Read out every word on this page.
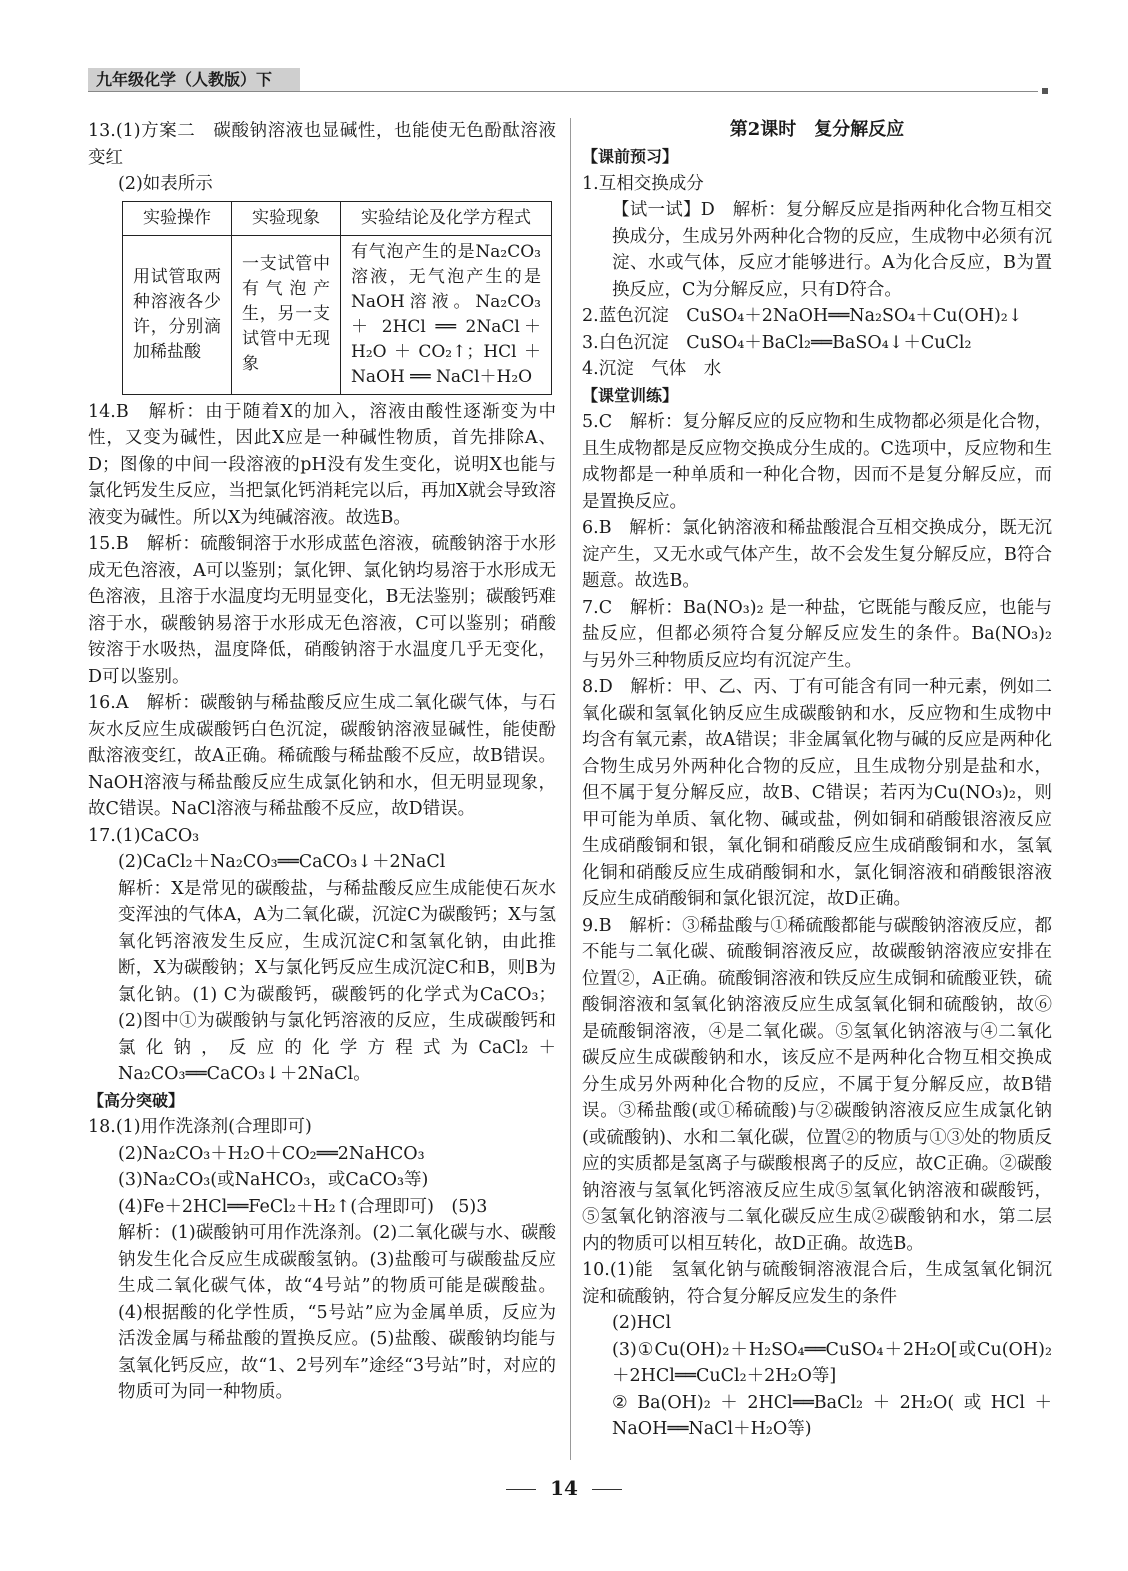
九年级化学（人教版）下

13.(1)方案二　碳酸钠溶液也显碱性，也能使无色酚酞溶液变红

(2)如表所示

实验操作	实验现象	实验结论及化学方程式
用试管取两种溶液各少许，分别滴加稀盐酸	一支试管中有气泡产生，另一支试管中无现象	有气泡产生的是Na₂CO₃ 溶液，无气泡产生的是NaOH溶液。Na₂CO₃ ＋ 2HCl ══ 2NaCl＋H₂O＋CO₂↑；HCl＋NaOH ══ NaCl＋H₂O

14.B　解析：由于随着X的加入，溶液由酸性逐渐变为中性，又变为碱性，因此X应是一种碱性物质，首先排除A、D；图像的中间一段溶液的pH没有发生变化，说明X也能与氯化钙发生反应，当把氯化钙消耗完以后，再加X就会导致溶液变为碱性。所以X为纯碱溶液。故选B。

15.B　解析：硫酸铜溶于水形成蓝色溶液，硫酸钠溶于水形成无色溶液，A可以鉴别；氯化钾、氯化钠均易溶于水形成无色溶液，且溶于水温度均无明显变化，B无法鉴别；碳酸钙难溶于水，碳酸钠易溶于水形成无色溶液，C可以鉴别；硝酸铵溶于水吸热，温度降低，硝酸钠溶于水温度几乎无变化，D可以鉴别。

16.A　解析：碳酸钠与稀盐酸反应生成二氧化碳气体，与石灰水反应生成碳酸钙白色沉淀，碳酸钠溶液显碱性，能使酚酞溶液变红，故A正确。稀硫酸与稀盐酸不反应，故B错误。NaOH溶液与稀盐酸反应生成氯化钠和水，但无明显现象，故C错误。NaCl溶液与稀盐酸不反应，故D错误。

17.(1)CaCO₃

(2)CaCl₂＋Na₂CO₃══CaCO₃↓＋2NaCl

解析：X是常见的碳酸盐，与稀盐酸反应生成能使石灰水变浑浊的气体A，A为二氧化碳，沉淀C为碳酸钙；X与氢氧化钙溶液发生反应，生成沉淀C和氢氧化钠，由此推断，X为碳酸钠；X与氯化钙反应生成沉淀C和B，则B为氯化钠。(1) C为碳酸钙，碳酸钙的化学式为CaCO₃；(2)图中①为碳酸钠与氯化钙溶液的反应，生成碳酸钙和氯化钠，反应的化学方程式为CaCl₂＋Na₂CO₃══CaCO₃↓＋2NaCl。

【高分突破】

18.(1)用作洗涤剂(合理即可)

(2)Na₂CO₃＋H₂O＋CO₂══2NaHCO₃

(3)Na₂CO₃(或NaHCO₃，或CaCO₃等)

(4)Fe＋2HCl══FeCl₂＋H₂↑(合理即可)　(5)3

解析：(1)碳酸钠可用作洗涤剂。(2)二氧化碳与水、碳酸钠发生化合反应生成碳酸氢钠。(3)盐酸可与碳酸盐反应生成二氧化碳气体，故“4号站”的物质可能是碳酸盐。(4)根据酸的化学性质，“5号站”应为金属单质，反应为活泼金属与稀盐酸的置换反应。(5)盐酸、碳酸钠均能与氢氧化钙反应，故“1、2号列车”途经“3号站”时，对应的物质可为同一种物质。

第2课时　复分解反应

【课前预习】

1.互相交换成分

【试一试】D　解析：复分解反应是指两种化合物互相交换成分，生成另外两种化合物的反应，生成物中必须有沉淀、水或气体，反应才能够进行。A为化合反应，B为置换反应，C为分解反应，只有D符合。

2.蓝色沉淀　CuSO₄＋2NaOH══Na₂SO₄＋Cu(OH)₂↓

3.白色沉淀　CuSO₄＋BaCl₂══BaSO₄↓＋CuCl₂

4.沉淀　气体　水

【课堂训练】

5.C　解析：复分解反应的反应物和生成物都必须是化合物，且生成物都是反应物交换成分生成的。C选项中，反应物和生成物都是一种单质和一种化合物，因而不是复分解反应，而是置换反应。

6.B　解析：氯化钠溶液和稀盐酸混合互相交换成分，既无沉淀产生，又无水或气体产生，故不会发生复分解反应，B符合题意。故选B。

7.C　解析：Ba(NO₃)₂ 是一种盐，它既能与酸反应，也能与盐反应，但都必须符合复分解反应发生的条件。Ba(NO₃)₂ 与另外三种物质反应均有沉淀产生。

8.D　解析：甲、乙、丙、丁有可能含有同一种元素，例如二氧化碳和氢氧化钠反应生成碳酸钠和水，反应物和生成物中均含有氧元素，故A错误；非金属氧化物与碱的反应是两种化合物生成另外两种化合物的反应，且生成物分别是盐和水，但不属于复分解反应，故B、C错误；若丙为Cu(NO₃)₂，则甲可能为单质、氧化物、碱或盐，例如铜和硝酸银溶液反应生成硝酸铜和银，氧化铜和硝酸反应生成硝酸铜和水，氢氧化铜和硝酸反应生成硝酸铜和水，氯化铜溶液和硝酸银溶液反应生成硝酸铜和氯化银沉淀，故D正确。

9.B　解析：③稀盐酸与①稀硫酸都能与碳酸钠溶液反应，都不能与二氧化碳、硫酸铜溶液反应，故碳酸钠溶液应安排在位置②，A正确。硫酸铜溶液和铁反应生成铜和硫酸亚铁，硫酸铜溶液和氢氧化钠溶液反应生成氢氧化铜和硫酸钠，故⑥是硫酸铜溶液，④是二氧化碳。⑤氢氧化钠溶液与④二氧化碳反应生成碳酸钠和水，该反应不是两种化合物互相交换成分生成另外两种化合物的反应，不属于复分解反应，故B错误。③稀盐酸(或①稀硫酸)与②碳酸钠溶液反应生成氯化钠(或硫酸钠)、水和二氧化碳，位置②的物质与①③处的物质反应的实质都是氢离子与碳酸根离子的反应，故C正确。②碳酸钠溶液与氢氧化钙溶液反应生成⑤氢氧化钠溶液和碳酸钙，⑤氢氧化钠溶液与二氧化碳反应生成②碳酸钠和水，第二层内的物质可以相互转化，故D正确。故选B。

10.(1)能　氢氧化钠与硫酸铜溶液混合后，生成氢氧化铜沉淀和硫酸钠，符合复分解反应发生的条件

(2)HCl

(3)①Cu(OH)₂＋H₂SO₄══CuSO₄＋2H₂O[或Cu(OH)₂＋2HCl══CuCl₂＋2H₂O等]

②Ba(OH)₂＋2HCl══BaCl₂＋2H₂O(或HCl＋NaOH══NaCl＋H₂O等)

14
